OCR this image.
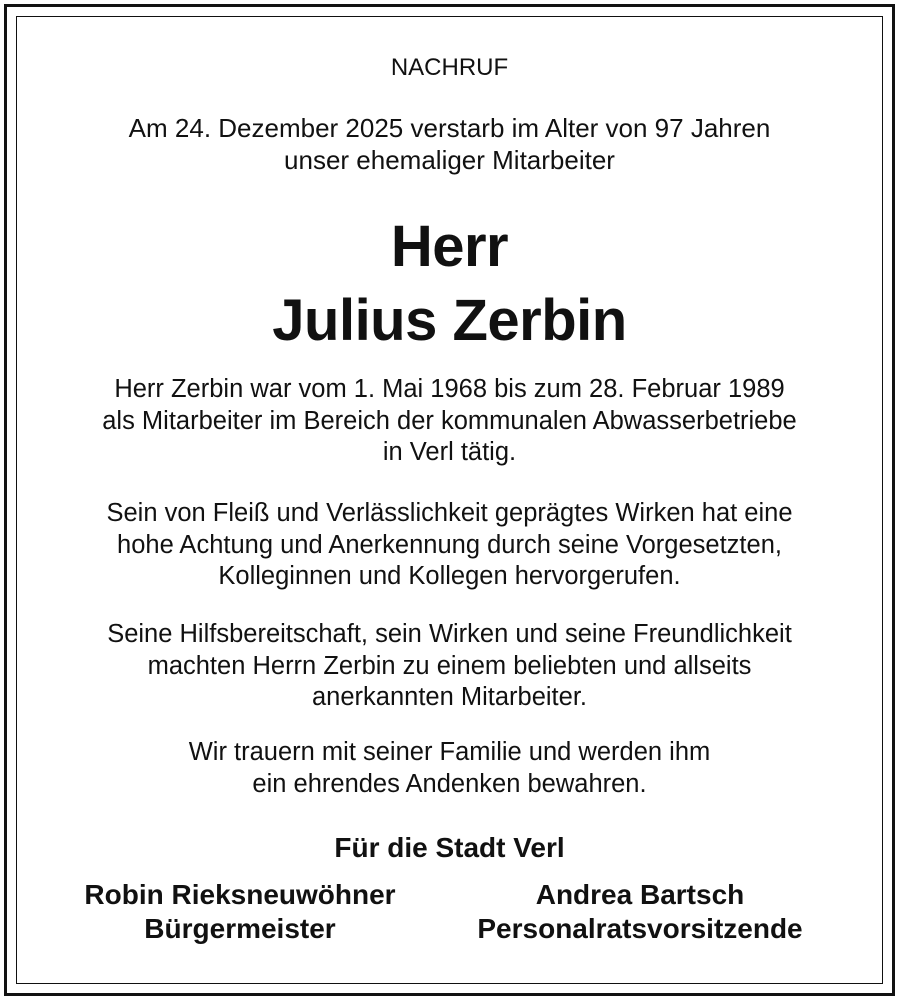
NACHRUF
Am 24. Dezember 2025 verstarb im Alter von 97 Jahren
unser ehemaliger Mitarbeiter
Herr
Julius Zerbin
Herr Zerbin war vom 1. Mai 1968 bis zum 28. Februar 1989
als Mitarbeiter im Bereich der kommunalen Abwasserbetriebe
in Verl tätig.
Sein von Fleiß und Verlässlichkeit geprägtes Wirken hat eine
hohe Achtung und Anerkennung durch seine Vorgesetzten,
Kolleginnen und Kollegen hervorgerufen.
Seine Hilfsbereitschaft, sein Wirken und seine Freundlichkeit
machten Herrn Zerbin zu einem beliebten und allseits
anerkannten Mitarbeiter.
Wir trauern mit seiner Familie und werden ihm
ein ehrendes Andenken bewahren.
Für die Stadt Verl
Robin Rieksneuwöhner
Bürgermeister
Andrea Bartsch
Personalratsvorsitzende
